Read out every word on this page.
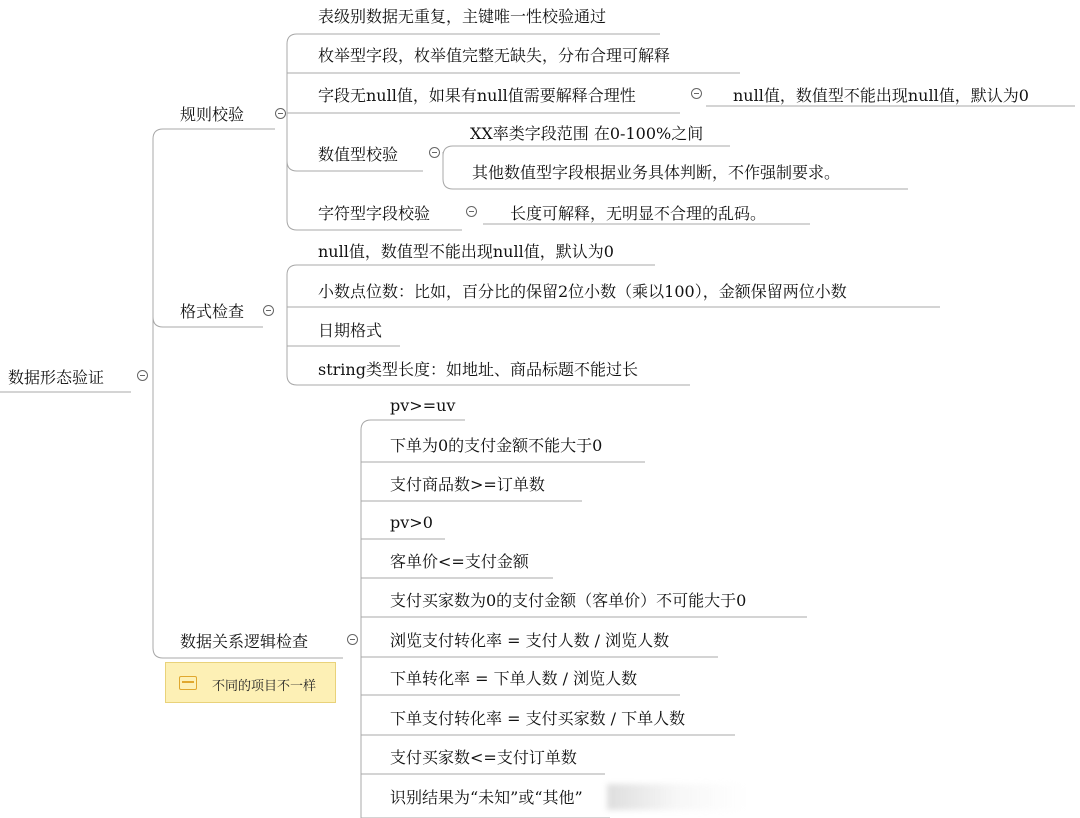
数据形态验证
规则校验
表级别数据无重复，主键唯一性校验通过
枚举型字段，枚举值完整无缺失，分布合理可解释
字段无null值，如果有null值需要解释合理性	null值，数值型不能出现null值，默认为0
数值型校验
XX率类字段范围 在0-100%之间
其他数值型字段根据业务具体判断，不作强制要求。
字符型字段校验	长度可解释，无明显不合理的乱码。
格式检查
null值，数值型不能出现null值，默认为0
小数点位数：比如，百分比的保留2位小数（乘以100），金额保留两位小数
日期格式
string类型长度：如地址、商品标题不能过长
数据关系逻辑检查
不同的项目不一样
pv>=uv
下单为0的支付金额不能大于0
支付商品数>=订单数
pv>0
客单价<=支付金额
支付买家数为0的支付金额（客单价）不可能大于0
浏览支付转化率 = 支付人数 / 浏览人数
下单转化率 = 下单人数 / 浏览人数
下单支付转化率 = 支付买家数 / 下单人数
支付买家数<=支付订单数
识别结果为“未知”或“其他”
